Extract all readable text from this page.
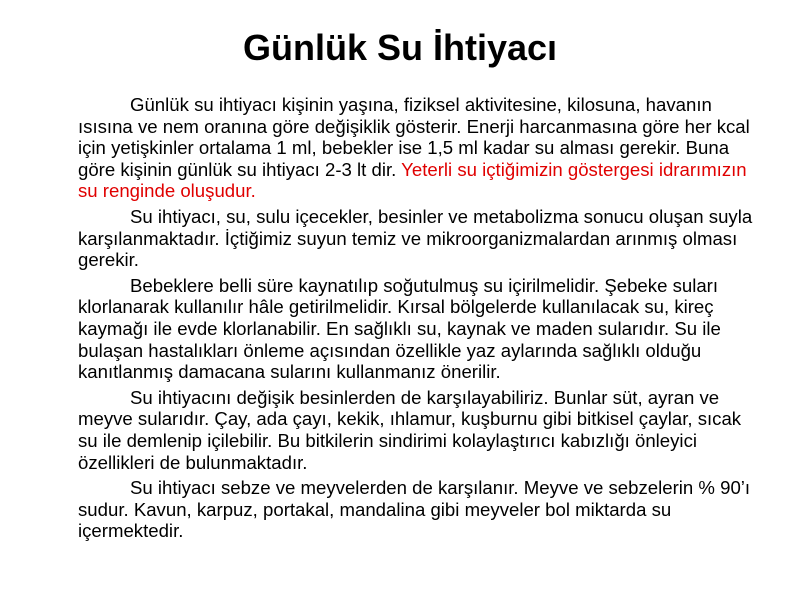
Günlük Su İhtiyacı

Günlük su ihtiyacı kişinin yaşına, fiziksel aktivitesine, kilosuna, havanın ısısına ve nem oranına göre değişiklik gösterir. Enerji harcanmasına göre her kcal için yetişkinler ortalama 1 ml, bebekler ise 1,5 ml kadar su alması gerekir. Buna göre kişinin günlük su ihtiyacı 2-3 lt dir. Yeterli su içtiğimizin göstergesi idrarımızın su renginde oluşudur.

Su ihtiyacı, su, sulu içecekler, besinler ve metabolizma sonucu oluşan suyla karşılanmaktadır. İçtiğimiz suyun temiz ve mikroorganizmalardan arınmış olması gerekir.

Bebeklere belli süre kaynatılıp soğutulmuş su içirilmelidir. Şebeke suları klorlanarak kullanılır hâle getirilmelidir. Kırsal bölgelerde kullanılacak su, kireç kaymağı ile evde klorlanabilir. En sağlıklı su, kaynak ve maden sularıdır. Su ile bulaşan hastalıkları önleme açısından özellikle yaz aylarında sağlıklı olduğu kanıtlanmış damacana sularını kullanmanız önerilir.

Su ihtiyacını değişik besinlerden de karşılayabiliriz. Bunlar süt, ayran ve meyve sularıdır. Çay, ada çayı, kekik, ıhlamur, kuşburnu gibi bitkisel çaylar, sıcak su ile demlenip içilebilir. Bu bitkilerin sindirimi kolaylaştırıcı kabızlığı önleyici özellikleri de bulunmaktadır.

Su ihtiyacı sebze ve meyvelerden de karşılanır. Meyve ve sebzelerin % 90’ı sudur. Kavun, karpuz, portakal, mandalina gibi meyveler bol miktarda su içermektedir.
